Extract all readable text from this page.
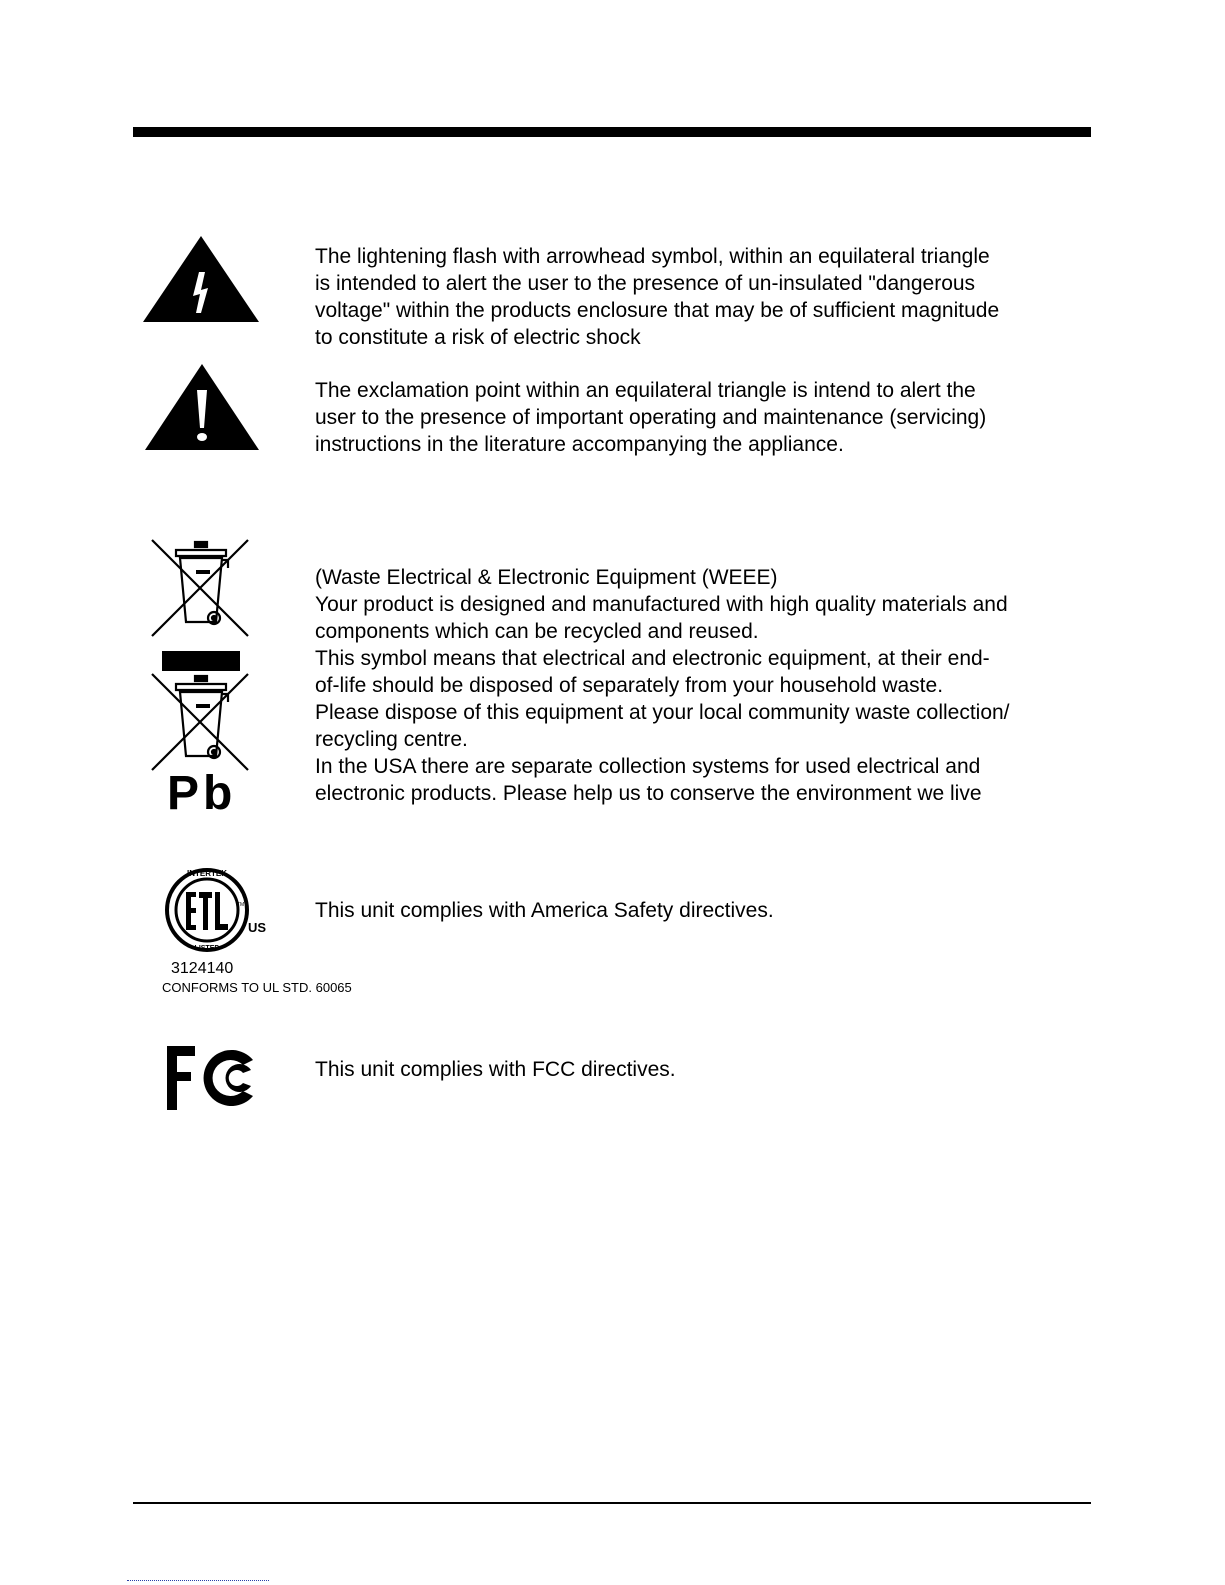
The lightening flash with arrowhead symbol, within an equilateral triangle
is intended to alert the user to the presence of un-insulated "dangerous
voltage" within the products enclosure that may be of sufficient magnitude
to constitute a risk of electric shock

The exclamation point within an equilateral triangle is intend to alert the
user to the presence of important operating and maintenance (servicing)
instructions in the literature accompanying the appliance.

Pb

(Waste Electrical & Electronic Equipment (WEEE)
Your product is designed and manufactured with high quality materials and
components which can be recycled and reused.
This symbol means that electrical and electronic equipment, at their end-
of-life should be disposed of separately from your household waste.
Please dispose of this equipment at your local community waste collection/
recycling centre.
In the USA there are separate collection systems for used electrical and
electronic products. Please help us to conserve the environment we live

INTERTEK
LISTED
TM
US
3124140
CONFORMS TO UL STD. 60065

This unit complies with America Safety directives.

This unit complies with FCC directives.
